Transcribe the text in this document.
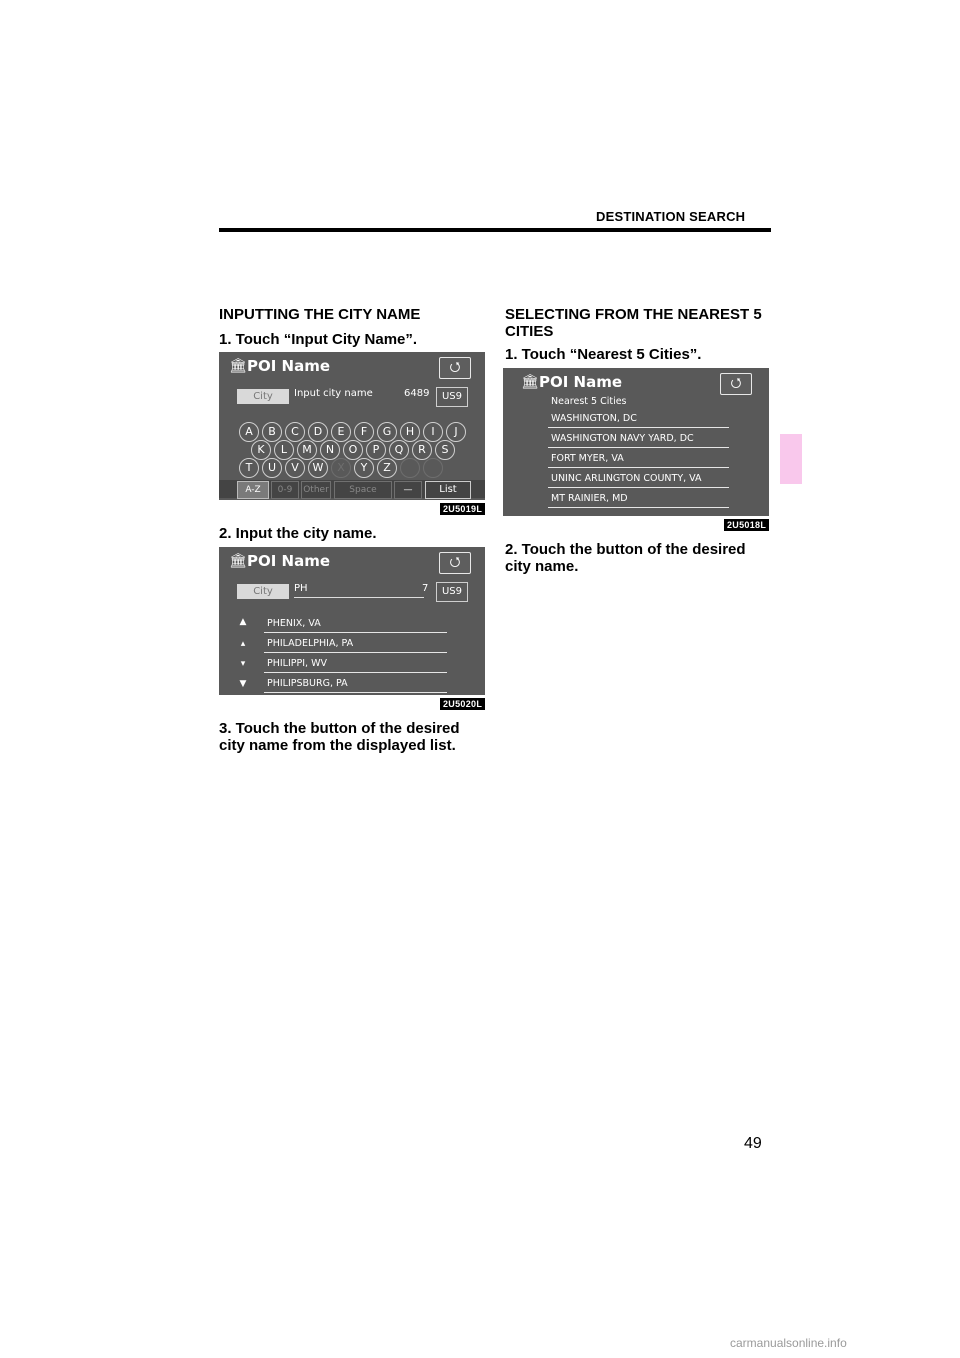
DESTINATION SEARCH
INPUTTING THE CITY NAME
1. Touch “Input City Name”.
🏛 POI Name	⭯
City	Input city name	6489	US9
A	B	C	D	E	F	G	H	I	J
K	L	M	N	O	P	Q	R	S
T	U	V	W	X	Y	Z
A-Z	0-9	Other	Space	—	List
2U5019L
2. Input the city name.
🏛 POI Name	⭯
City	PH	7	US9
▲
▴
▾
▼
PHENIX, VA
PHILADELPHIA, PA
PHILIPPI, WV
PHILIPSBURG, PA
2U5020L
3. Touch the button of the desired city name from the displayed list.
SELECTING FROM THE NEAREST 5 CITIES
1. Touch “Nearest 5 Cities”.
🏛 POI Name	⭯
Nearest 5 Cities
WASHINGTON, DC
WASHINGTON NAVY YARD, DC
FORT MYER, VA
UNINC ARLINGTON COUNTY, VA
MT RAINIER, MD
2U5018L
2. Touch the button of the desired city name.
49
carmanualsonline.info
